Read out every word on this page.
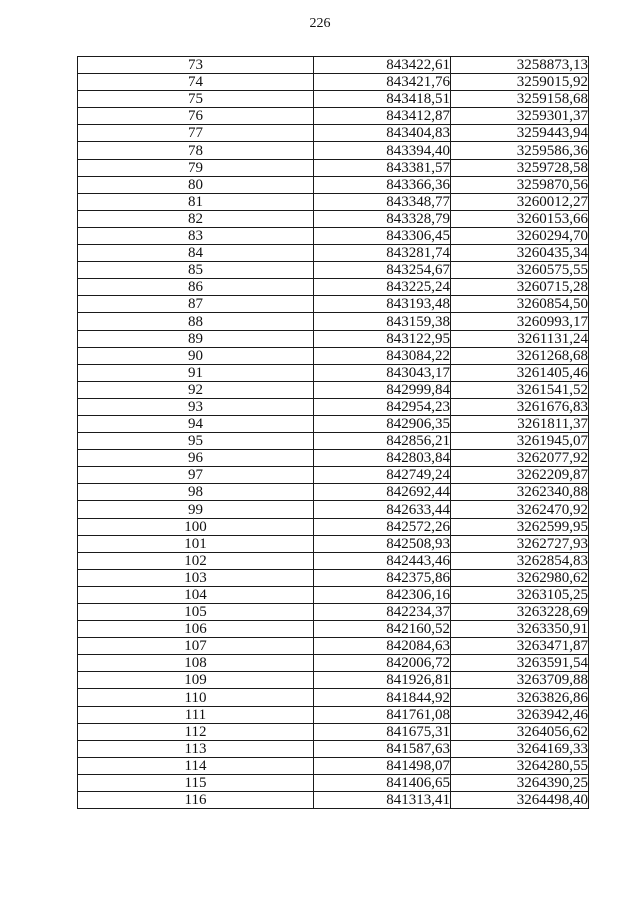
226
73	843422,61	3258873,13
74	843421,76	3259015,92
75	843418,51	3259158,68
76	843412,87	3259301,37
77	843404,83	3259443,94
78	843394,40	3259586,36
79	843381,57	3259728,58
80	843366,36	3259870,56
81	843348,77	3260012,27
82	843328,79	3260153,66
83	843306,45	3260294,70
84	843281,74	3260435,34
85	843254,67	3260575,55
86	843225,24	3260715,28
87	843193,48	3260854,50
88	843159,38	3260993,17
89	843122,95	3261131,24
90	843084,22	3261268,68
91	843043,17	3261405,46
92	842999,84	3261541,52
93	842954,23	3261676,83
94	842906,35	3261811,37
95	842856,21	3261945,07
96	842803,84	3262077,92
97	842749,24	3262209,87
98	842692,44	3262340,88
99	842633,44	3262470,92
100	842572,26	3262599,95
101	842508,93	3262727,93
102	842443,46	3262854,83
103	842375,86	3262980,62
104	842306,16	3263105,25
105	842234,37	3263228,69
106	842160,52	3263350,91
107	842084,63	3263471,87
108	842006,72	3263591,54
109	841926,81	3263709,88
110	841844,92	3263826,86
111	841761,08	3263942,46
112	841675,31	3264056,62
113	841587,63	3264169,33
114	841498,07	3264280,55
115	841406,65	3264390,25
116	841313,41	3264498,40
